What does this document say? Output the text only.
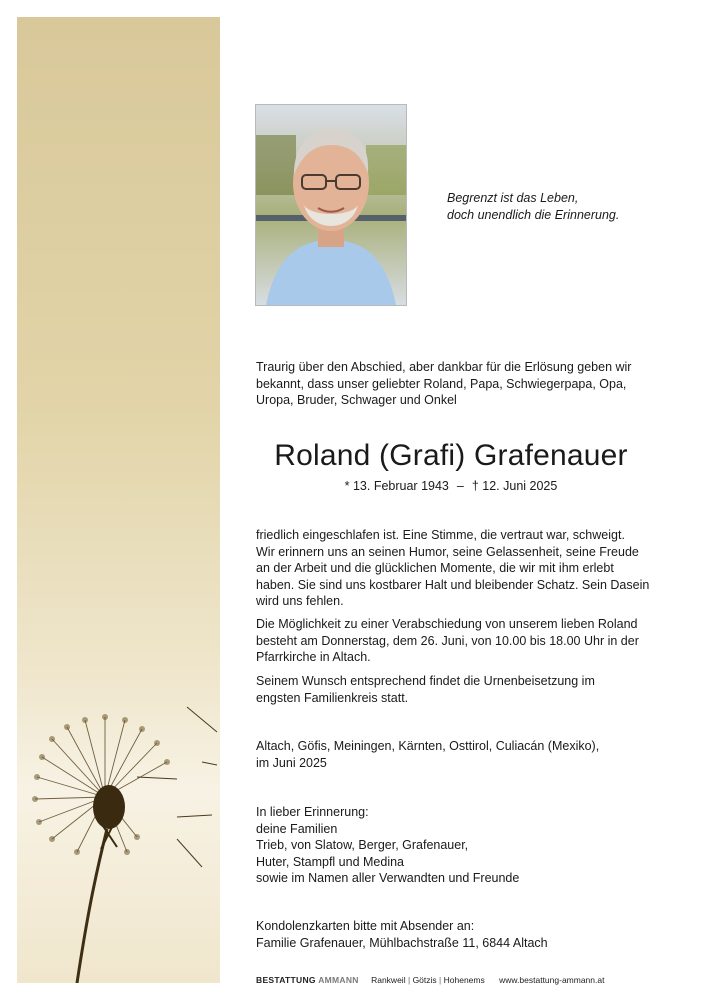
Begrenzt ist das Leben,
doch unendlich die Erinnerung.
Traurig über den Abschied, aber dankbar für die Erlösung geben wir
bekannt, dass unser geliebter Roland, Papa, Schwiegerpapa, Opa,
Uropa, Bruder, Schwager und Onkel
Roland (Grafi) Grafenauer
* 13. Februar 1943 – † 12. Juni 2025
friedlich eingeschlafen ist. Eine Stimme, die vertraut war, schweigt.
Wir erinnern uns an seinen Humor, seine Gelassenheit, seine Freude
an der Arbeit und die glücklichen Momente, die wir mit ihm erlebt
haben. Sie sind uns kostbarer Halt und bleibender Schatz. Sein Dasein
wird uns fehlen.
Die Möglichkeit zu einer Verabschiedung von unserem lieben Roland
besteht am Donnerstag, dem 26. Juni, von 10.00 bis 18.00 Uhr in der
Pfarrkirche in Altach.
Seinem Wunsch entsprechend findet die Urnenbeisetzung im
engsten Familienkreis statt.
Altach, Göfis, Meiningen, Kärnten, Osttirol, Culiacán (Mexiko),
im Juni 2025
In lieber Erinnerung:
deine Familien
Trieb, von Slatow, Berger, Grafenauer,
Huter, Stampfl und Medina
sowie im Namen aller Verwandten und Freunde
Kondolenzkarten bitte mit Absender an:
Familie Grafenauer, Mühlbachstraße 11, 6844 Altach
BESTATTUNG AMMANN Rankweil | Götzis | Hohenems www.bestattung-ammann.at
